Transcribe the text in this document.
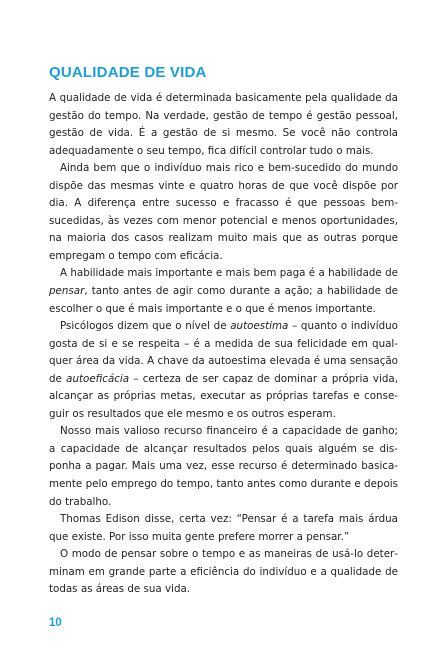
QUALIDADE DE VIDA

A qualidade de vida é determinada basicamente pela qualidade da gestão do tempo. Na verdade, gestão de tempo é gestão pessoal, gestão de vida. É a gestão de si mesmo. Se você não controla adequadamente o seu tempo, fica difícil controlar tudo o mais.

Ainda bem que o indivíduo mais rico e bem-sucedido do mundo dispõe das mesmas vinte e quatro horas de que você dispõe por dia. A diferença entre sucesso e fracasso é que pessoas bem-sucedidas, às vezes com menor potencial e menos oportunidades, na maioria dos casos realizam muito mais que as outras porque empregam o tempo com eficácia.

A habilidade mais importante e mais bem paga é a habilidade de pensar, tanto antes de agir como durante a ação; a habilidade de escolher o que é mais importante e o que é menos importante.

Psicólogos dizem que o nível de autoestima – quanto o indivíduo gosta de si e se respeita – é a medida de sua felicidade em qualquer área da vida. A chave da autoestima elevada é uma sensação de autoeficácia – certeza de ser capaz de dominar a própria vida, alcançar as próprias metas, executar as próprias tarefas e conseguir os resultados que ele mesmo e os outros esperam.

Nosso mais valioso recurso financeiro é a capacidade de ganho; a capacidade de alcançar resultados pelos quais alguém se disponha a pagar. Mais uma vez, esse recurso é determinado basicamente pelo emprego do tempo, tanto antes como durante e depois do trabalho.

Thomas Edison disse, certa vez: “Pensar é a tarefa mais árdua que existe. Por isso muita gente prefere morrer a pensar.”

O modo de pensar sobre o tempo e as maneiras de usá-lo determinam em grande parte a eficiência do indivíduo e a qualidade de todas as áreas de sua vida.

10
